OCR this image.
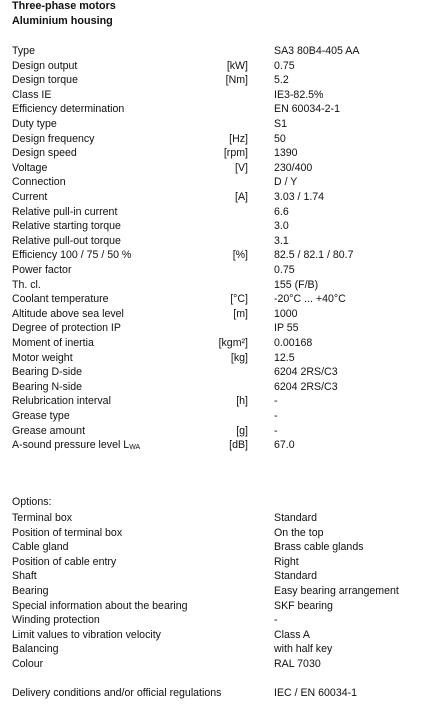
Three-phase motors
Aluminium housing
Type	SA3 80B4-405 AA
Design output	[kW] 0.75
Design torque	[Nm] 5.2
Class IE	IE3-82.5%
Efficiency determination	EN 60034-2-1
Duty type	S1
Design frequency	[Hz] 50
Design speed	[rpm] 1390
Voltage	[V] 230/400
Connection	D / Y
Current	[A] 3.03 / 1.74
Relative pull-in current	6.6
Relative starting torque	3.0
Relative pull-out torque	3.1
Efficiency 100 / 75 / 50 %	[%] 82.5 / 82.1 / 80.7
Power factor	0.75
Th. cl.	155 (F/B)
Coolant temperature	[°C] -20°C ... +40°C
Altitude above sea level	[m] 1000
Degree of protection IP	IP 55
Moment of inertia	[kgm²] 0.00168
Motor weight	[kg] 12.5
Bearing D-side	6204 2RS/C3
Bearing N-side	6204 2RS/C3
Relubrication interval	[h] -
Grease type	-
Grease amount	[g] -
A-sound pressure level $L_{WA}$	[dB] 67.0
Options:
Terminal box	Standard
Position of terminal box	On the top
Cable gland	Brass cable glands
Position of cable entry	Right
Shaft	Standard
Bearing	Easy bearing arrangement
Special information about the bearing	SKF bearing
Winding protection	-
Limit values to vibration velocity	Class A
Balancing	with half key
Colour	RAL 7030
Delivery conditions and/or official regulations	IEC / EN 60034-1
